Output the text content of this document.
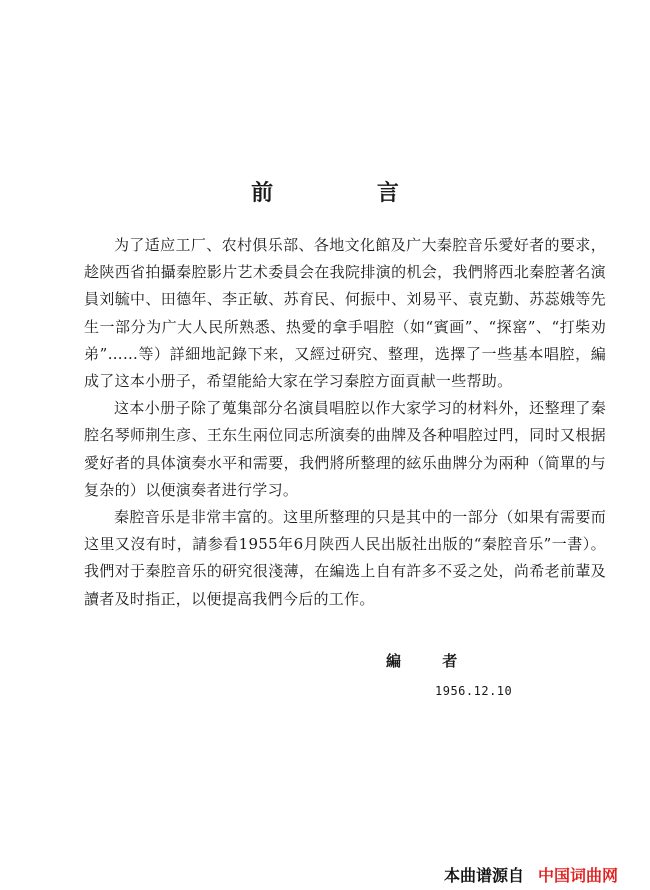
前 言

为了适应工厂、农村俱乐部、各地文化館及广大秦腔音乐愛好者的要求，趁陕西省拍攝秦腔影片艺术委員会在我院排演的机会，我們將西北秦腔著名演員刘毓中、田德年、李正敏、苏育民、何振中、刘易平、袁克勤、苏蕊娥等先生一部分为广大人民所熟悉、热愛的拿手唱腔（如“賓画”、“探窰”、“打柴劝弟”……等）詳細地記錄下来，又經过研究、整理，选擇了一些基本唱腔，編成了这本小册子，希望能給大家在学习秦腔方面貢献一些帮助。

这本小册子除了蒐集部分名演員唱腔以作大家学习的材料外，还整理了秦腔名琴师荆生彦、王东生兩位同志所演奏的曲牌及各种唱腔过門，同时又根据愛好者的具体演奏水平和需要，我們將所整理的絃乐曲牌分为兩种（简單的与复杂的）以便演奏者进行学习。

秦腔音乐是非常丰富的。这里所整理的只是其中的一部分（如果有需要而这里又沒有时，請参看1955年6月陕西人民出版社出版的“秦腔音乐”一書）。我們对于秦腔音乐的研究很淺薄，在編选上自有許多不妥之处，尚希老前輩及讀者及时指正，以便提高我們今后的工作。

編 者
1956.12.10
本曲谱源自 中国词曲网
